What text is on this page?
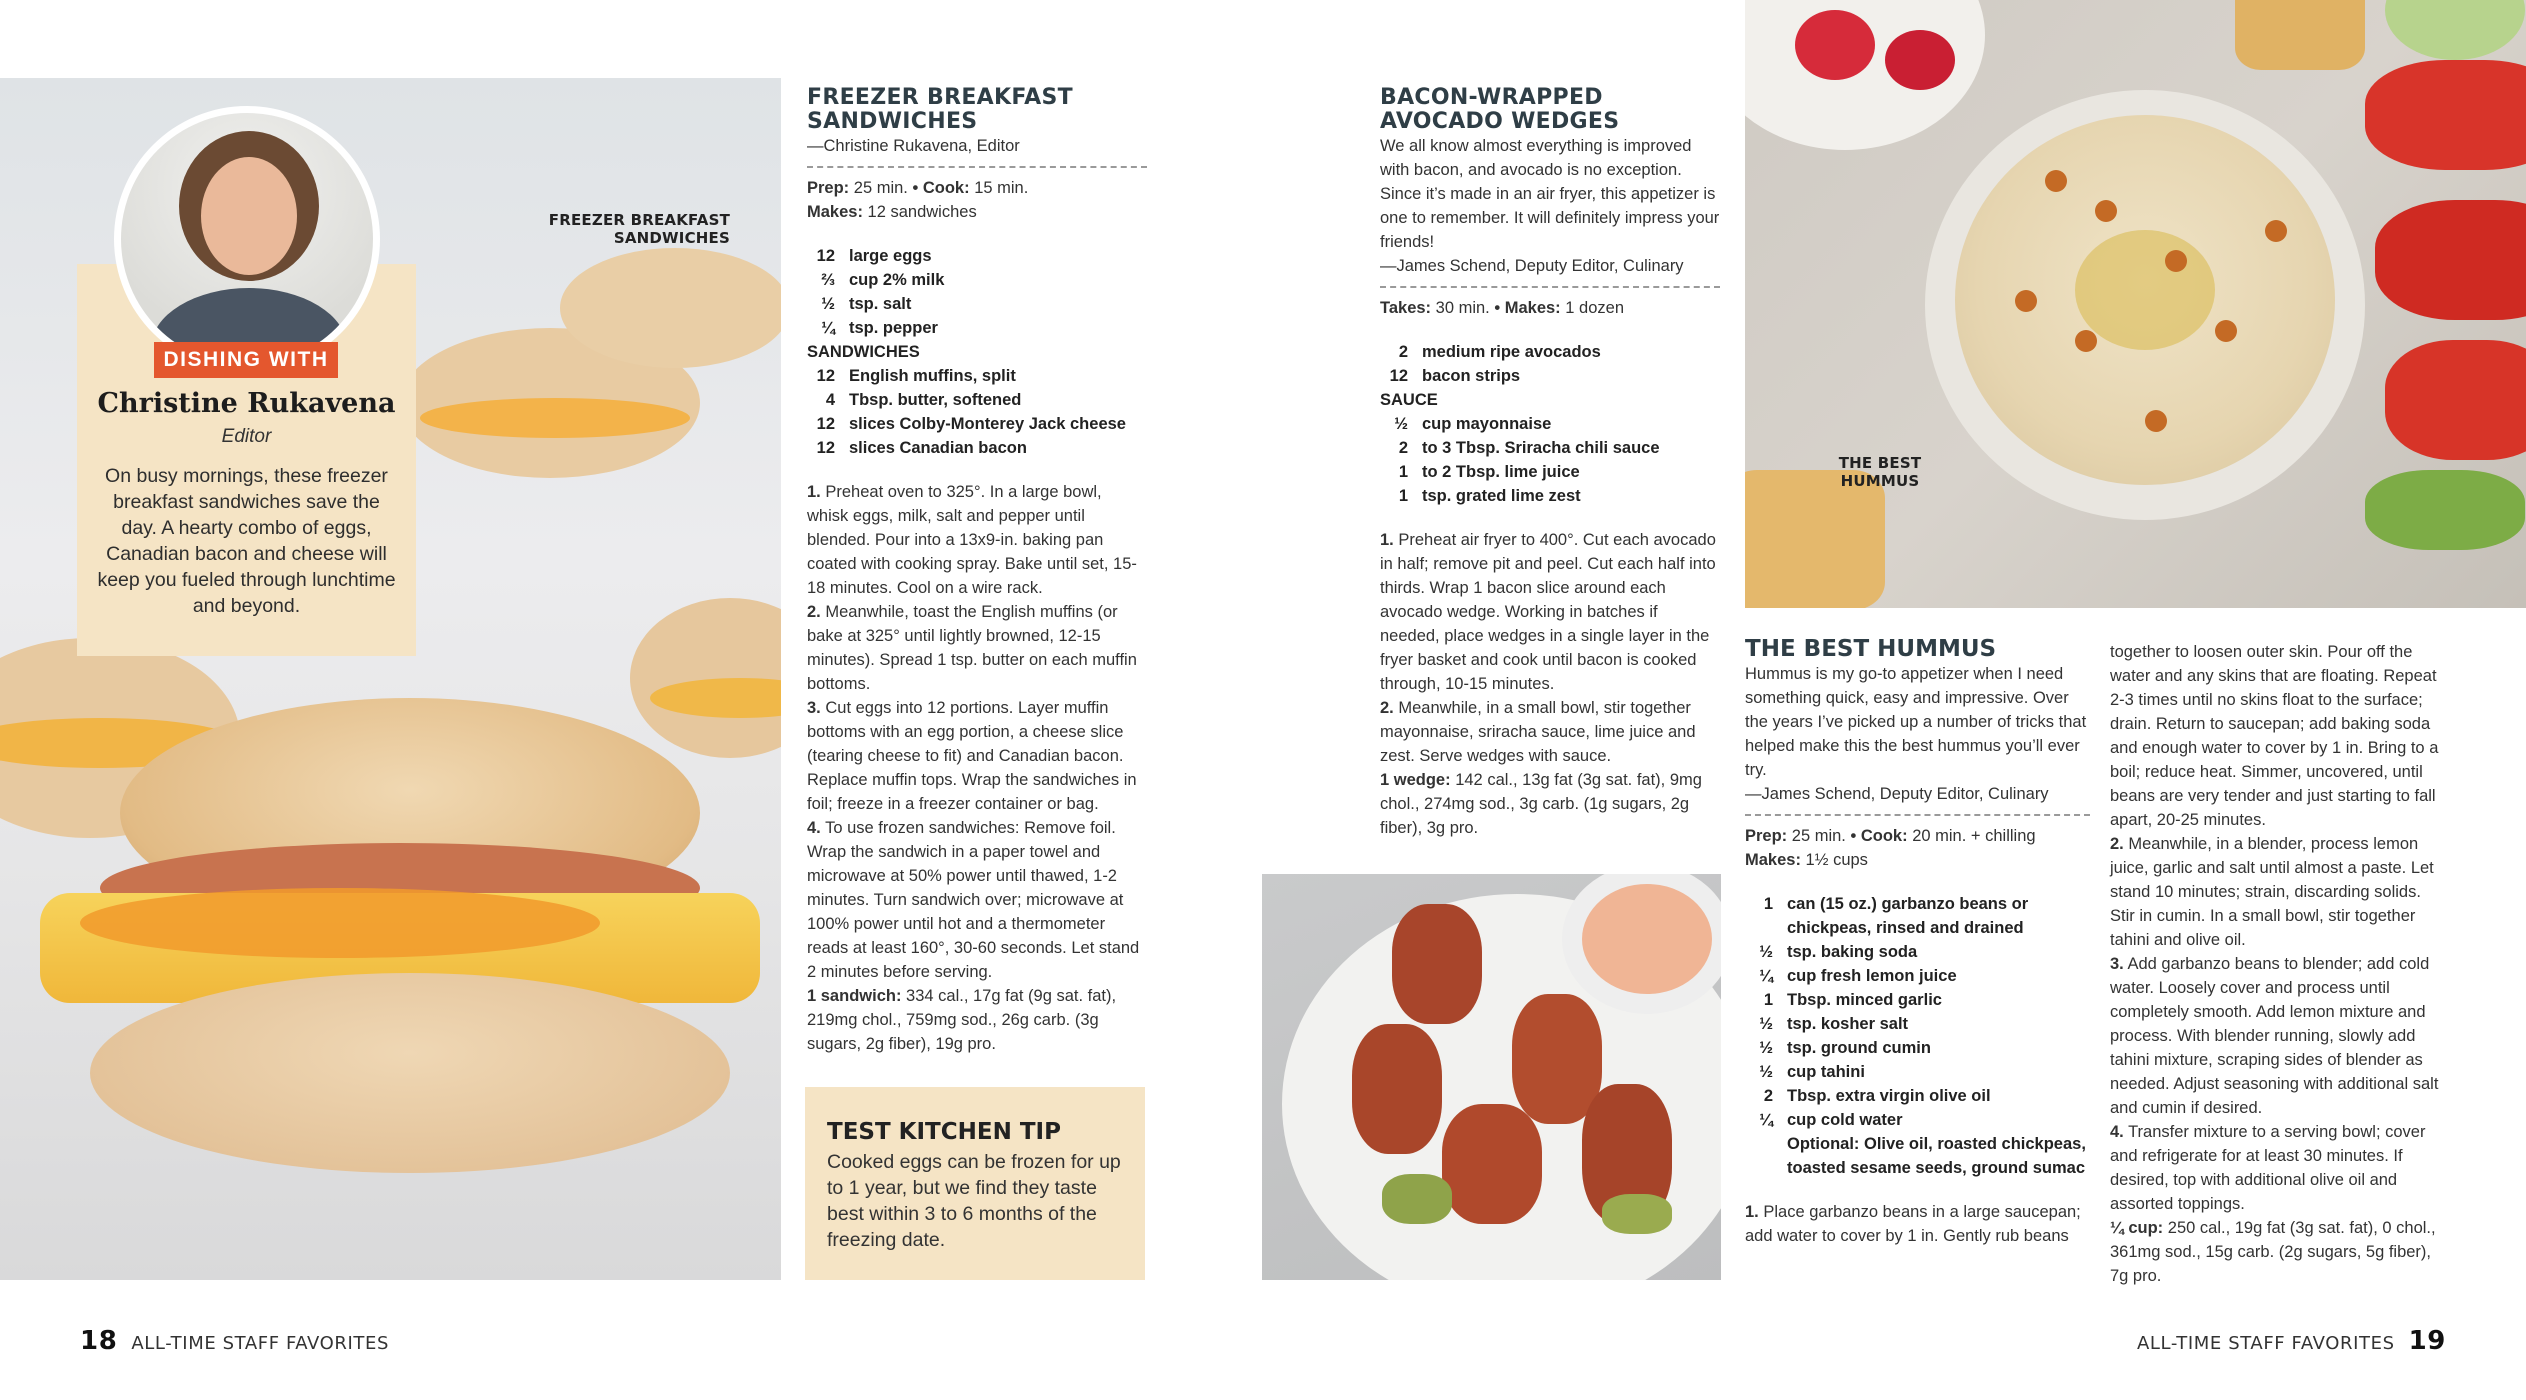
FREEZER BREAKFAST SANDWICHES
DISHING WITH
Christine Rukavena
Editor
On busy mornings, these freezer breakfast sandwiches save the day. A hearty combo of eggs, Canadian bacon and cheese will keep you fueled through lunchtime and beyond.
FREEZER BREAKFAST SANDWICHES
—Christine Rukavena, Editor
Prep: 25 min. • Cook: 15 min.
Makes: 12 sandwiches
12 large eggs
⅔ cup 2% milk
½ tsp. salt
¼ tsp. pepper
SANDWICHES
12 English muffins, split
4 Tbsp. butter, softened
12 slices Colby-Monterey Jack cheese
12 slices Canadian bacon
1. Preheat oven to 325°. In a large bowl, whisk eggs, milk, salt and pepper until blended. Pour into a 13x9-in. baking pan coated with cooking spray. Bake until set, 15-18 minutes. Cool on a wire rack.
2. Meanwhile, toast the English muffins (or bake at 325° until lightly browned, 12-15 minutes). Spread 1 tsp. butter on each muffin bottoms.
3. Cut eggs into 12 portions. Layer muffin bottoms with an egg portion, a cheese slice (tearing cheese to fit) and Canadian bacon. Replace muffin tops. Wrap the sandwiches in foil; freeze in a freezer container or bag.
4. To use frozen sandwiches: Remove foil. Wrap the sandwich in a paper towel and microwave at 50% power until thawed, 1-2 minutes. Turn sandwich over; microwave at 100% power until hot and a thermometer reads at least 160°, 30-60 seconds. Let stand 2 minutes before serving.
1 sandwich: 334 cal., 17g fat (9g sat. fat), 219mg chol., 759mg sod., 26g carb. (3g sugars, 2g fiber), 19g pro.
TEST KITCHEN TIP
Cooked eggs can be frozen for up to 1 year, but we find they taste best within 3 to 6 months of the freezing date.
18 ALL-TIME STAFF FAVORITES
BACON-WRAPPED AVOCADO WEDGES
We all know almost everything is improved with bacon, and avocado is no exception. Since it’s made in an air fryer, this appetizer is one to remember. It will definitely impress your friends!
—James Schend, Deputy Editor, Culinary
Takes: 30 min. • Makes: 1 dozen
2 medium ripe avocados
12 bacon strips
SAUCE
½ cup mayonnaise
2 to 3 Tbsp. Sriracha chili sauce
1 to 2 Tbsp. lime juice
1 tsp. grated lime zest
1. Preheat air fryer to 400°. Cut each avocado in half; remove pit and peel. Cut each half into thirds. Wrap 1 bacon slice around each avocado wedge. Working in batches if needed, place wedges in a single layer in the fryer basket and cook until bacon is cooked through, 10-15 minutes.
2. Meanwhile, in a small bowl, stir together mayonnaise, sriracha sauce, lime juice and zest. Serve wedges with sauce.
1 wedge: 142 cal., 13g fat (3g sat. fat), 9mg chol., 274mg sod., 3g carb. (1g sugars, 2g fiber), 3g pro.
THE BEST HUMMUS
THE BEST HUMMUS
Hummus is my go-to appetizer when I need something quick, easy and impressive. Over the years I’ve picked up a number of tricks that helped make this the best hummus you’ll ever try.
—James Schend, Deputy Editor, Culinary
Prep: 25 min. • Cook: 20 min. + chilling
Makes: 1½ cups
1 can (15 oz.) garbanzo beans or chickpeas, rinsed and drained
½ tsp. baking soda
¼ cup fresh lemon juice
1 Tbsp. minced garlic
½ tsp. kosher salt
½ tsp. ground cumin
½ cup tahini
2 Tbsp. extra virgin olive oil
¼ cup cold water
Optional: Olive oil, roasted chickpeas, toasted sesame seeds, ground sumac
1. Place garbanzo beans in a large saucepan; add water to cover by 1 in. Gently rub beans
together to loosen outer skin. Pour off the water and any skins that are floating. Repeat 2-3 times until no skins float to the surface; drain. Return to saucepan; add baking soda and enough water to cover by 1 in. Bring to a boil; reduce heat. Simmer, uncovered, until beans are very tender and just starting to fall apart, 20-25 minutes.
2. Meanwhile, in a blender, process lemon juice, garlic and salt until almost a paste. Let stand 10 minutes; strain, discarding solids. Stir in cumin. In a small bowl, stir together tahini and olive oil.
3. Add garbanzo beans to blender; add cold water. Loosely cover and process until completely smooth. Add lemon mixture and process. With blender running, slowly add tahini mixture, scraping sides of blender as needed. Adjust seasoning with additional salt and cumin if desired.
4. Transfer mixture to a serving bowl; cover and refrigerate for at least 30 minutes. If desired, top with additional olive oil and assorted toppings.
¼ cup: 250 cal., 19g fat (3g sat. fat), 0 chol., 361mg sod., 15g carb. (2g sugars, 5g fiber), 7g pro.
ALL-TIME STAFF FAVORITES 19
